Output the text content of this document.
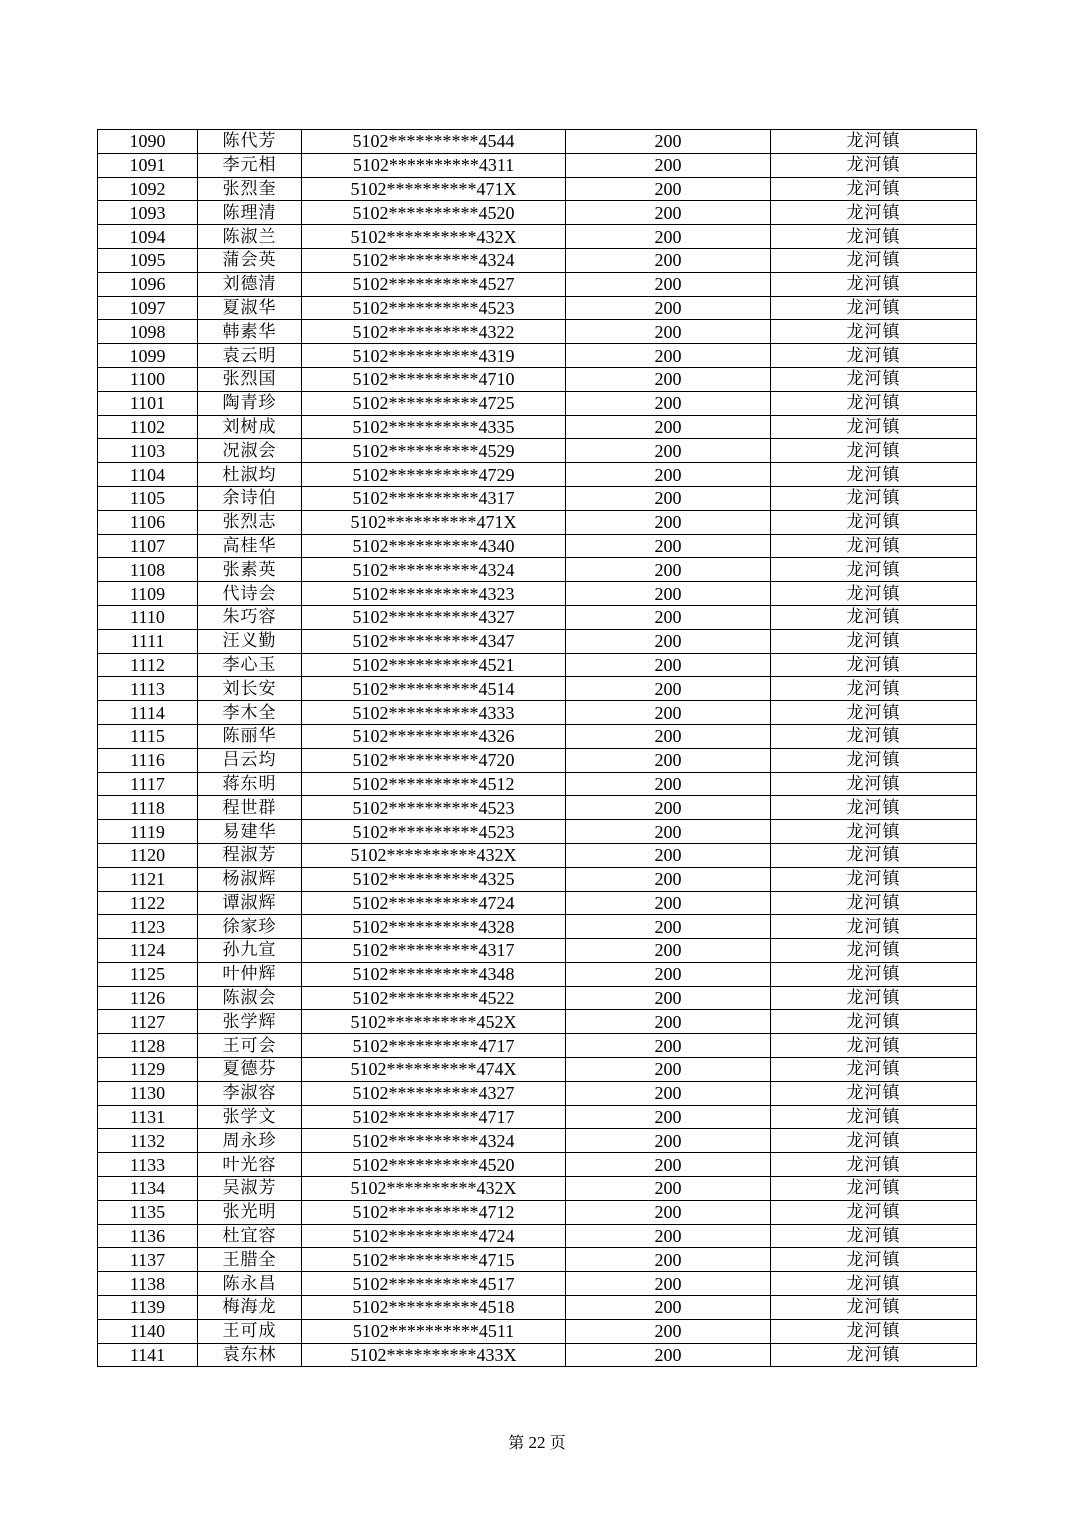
1090	陈代芳	5102**********4544	200	龙河镇
1091	李元相	5102**********4311	200	龙河镇
1092	张烈奎	5102**********471X	200	龙河镇
1093	陈理清	5102**********4520	200	龙河镇
1094	陈淑兰	5102**********432X	200	龙河镇
1095	蒲会英	5102**********4324	200	龙河镇
1096	刘德清	5102**********4527	200	龙河镇
1097	夏淑华	5102**********4523	200	龙河镇
1098	韩素华	5102**********4322	200	龙河镇
1099	袁云明	5102**********4319	200	龙河镇
1100	张烈国	5102**********4710	200	龙河镇
1101	陶青珍	5102**********4725	200	龙河镇
1102	刘树成	5102**********4335	200	龙河镇
1103	况淑会	5102**********4529	200	龙河镇
1104	杜淑均	5102**********4729	200	龙河镇
1105	余诗伯	5102**********4317	200	龙河镇
1106	张烈志	5102**********471X	200	龙河镇
1107	高桂华	5102**********4340	200	龙河镇
1108	张素英	5102**********4324	200	龙河镇
1109	代诗会	5102**********4323	200	龙河镇
1110	朱巧容	5102**********4327	200	龙河镇
1111	汪义勤	5102**********4347	200	龙河镇
1112	李心玉	5102**********4521	200	龙河镇
1113	刘长安	5102**********4514	200	龙河镇
1114	李木全	5102**********4333	200	龙河镇
1115	陈丽华	5102**********4326	200	龙河镇
1116	吕云均	5102**********4720	200	龙河镇
1117	蒋东明	5102**********4512	200	龙河镇
1118	程世群	5102**********4523	200	龙河镇
1119	易建华	5102**********4523	200	龙河镇
1120	程淑芳	5102**********432X	200	龙河镇
1121	杨淑辉	5102**********4325	200	龙河镇
1122	谭淑辉	5102**********4724	200	龙河镇
1123	徐家珍	5102**********4328	200	龙河镇
1124	孙九宣	5102**********4317	200	龙河镇
1125	叶仲辉	5102**********4348	200	龙河镇
1126	陈淑会	5102**********4522	200	龙河镇
1127	张学辉	5102**********452X	200	龙河镇
1128	王可会	5102**********4717	200	龙河镇
1129	夏德芬	5102**********474X	200	龙河镇
1130	李淑容	5102**********4327	200	龙河镇
1131	张学文	5102**********4717	200	龙河镇
1132	周永珍	5102**********4324	200	龙河镇
1133	叶光容	5102**********4520	200	龙河镇
1134	吴淑芳	5102**********432X	200	龙河镇
1135	张光明	5102**********4712	200	龙河镇
1136	杜宜容	5102**********4724	200	龙河镇
1137	王腊全	5102**********4715	200	龙河镇
1138	陈永昌	5102**********4517	200	龙河镇
1139	梅海龙	5102**********4518	200	龙河镇
1140	王可成	5102**********4511	200	龙河镇
1141	袁东林	5102**********433X	200	龙河镇
第 22 页
